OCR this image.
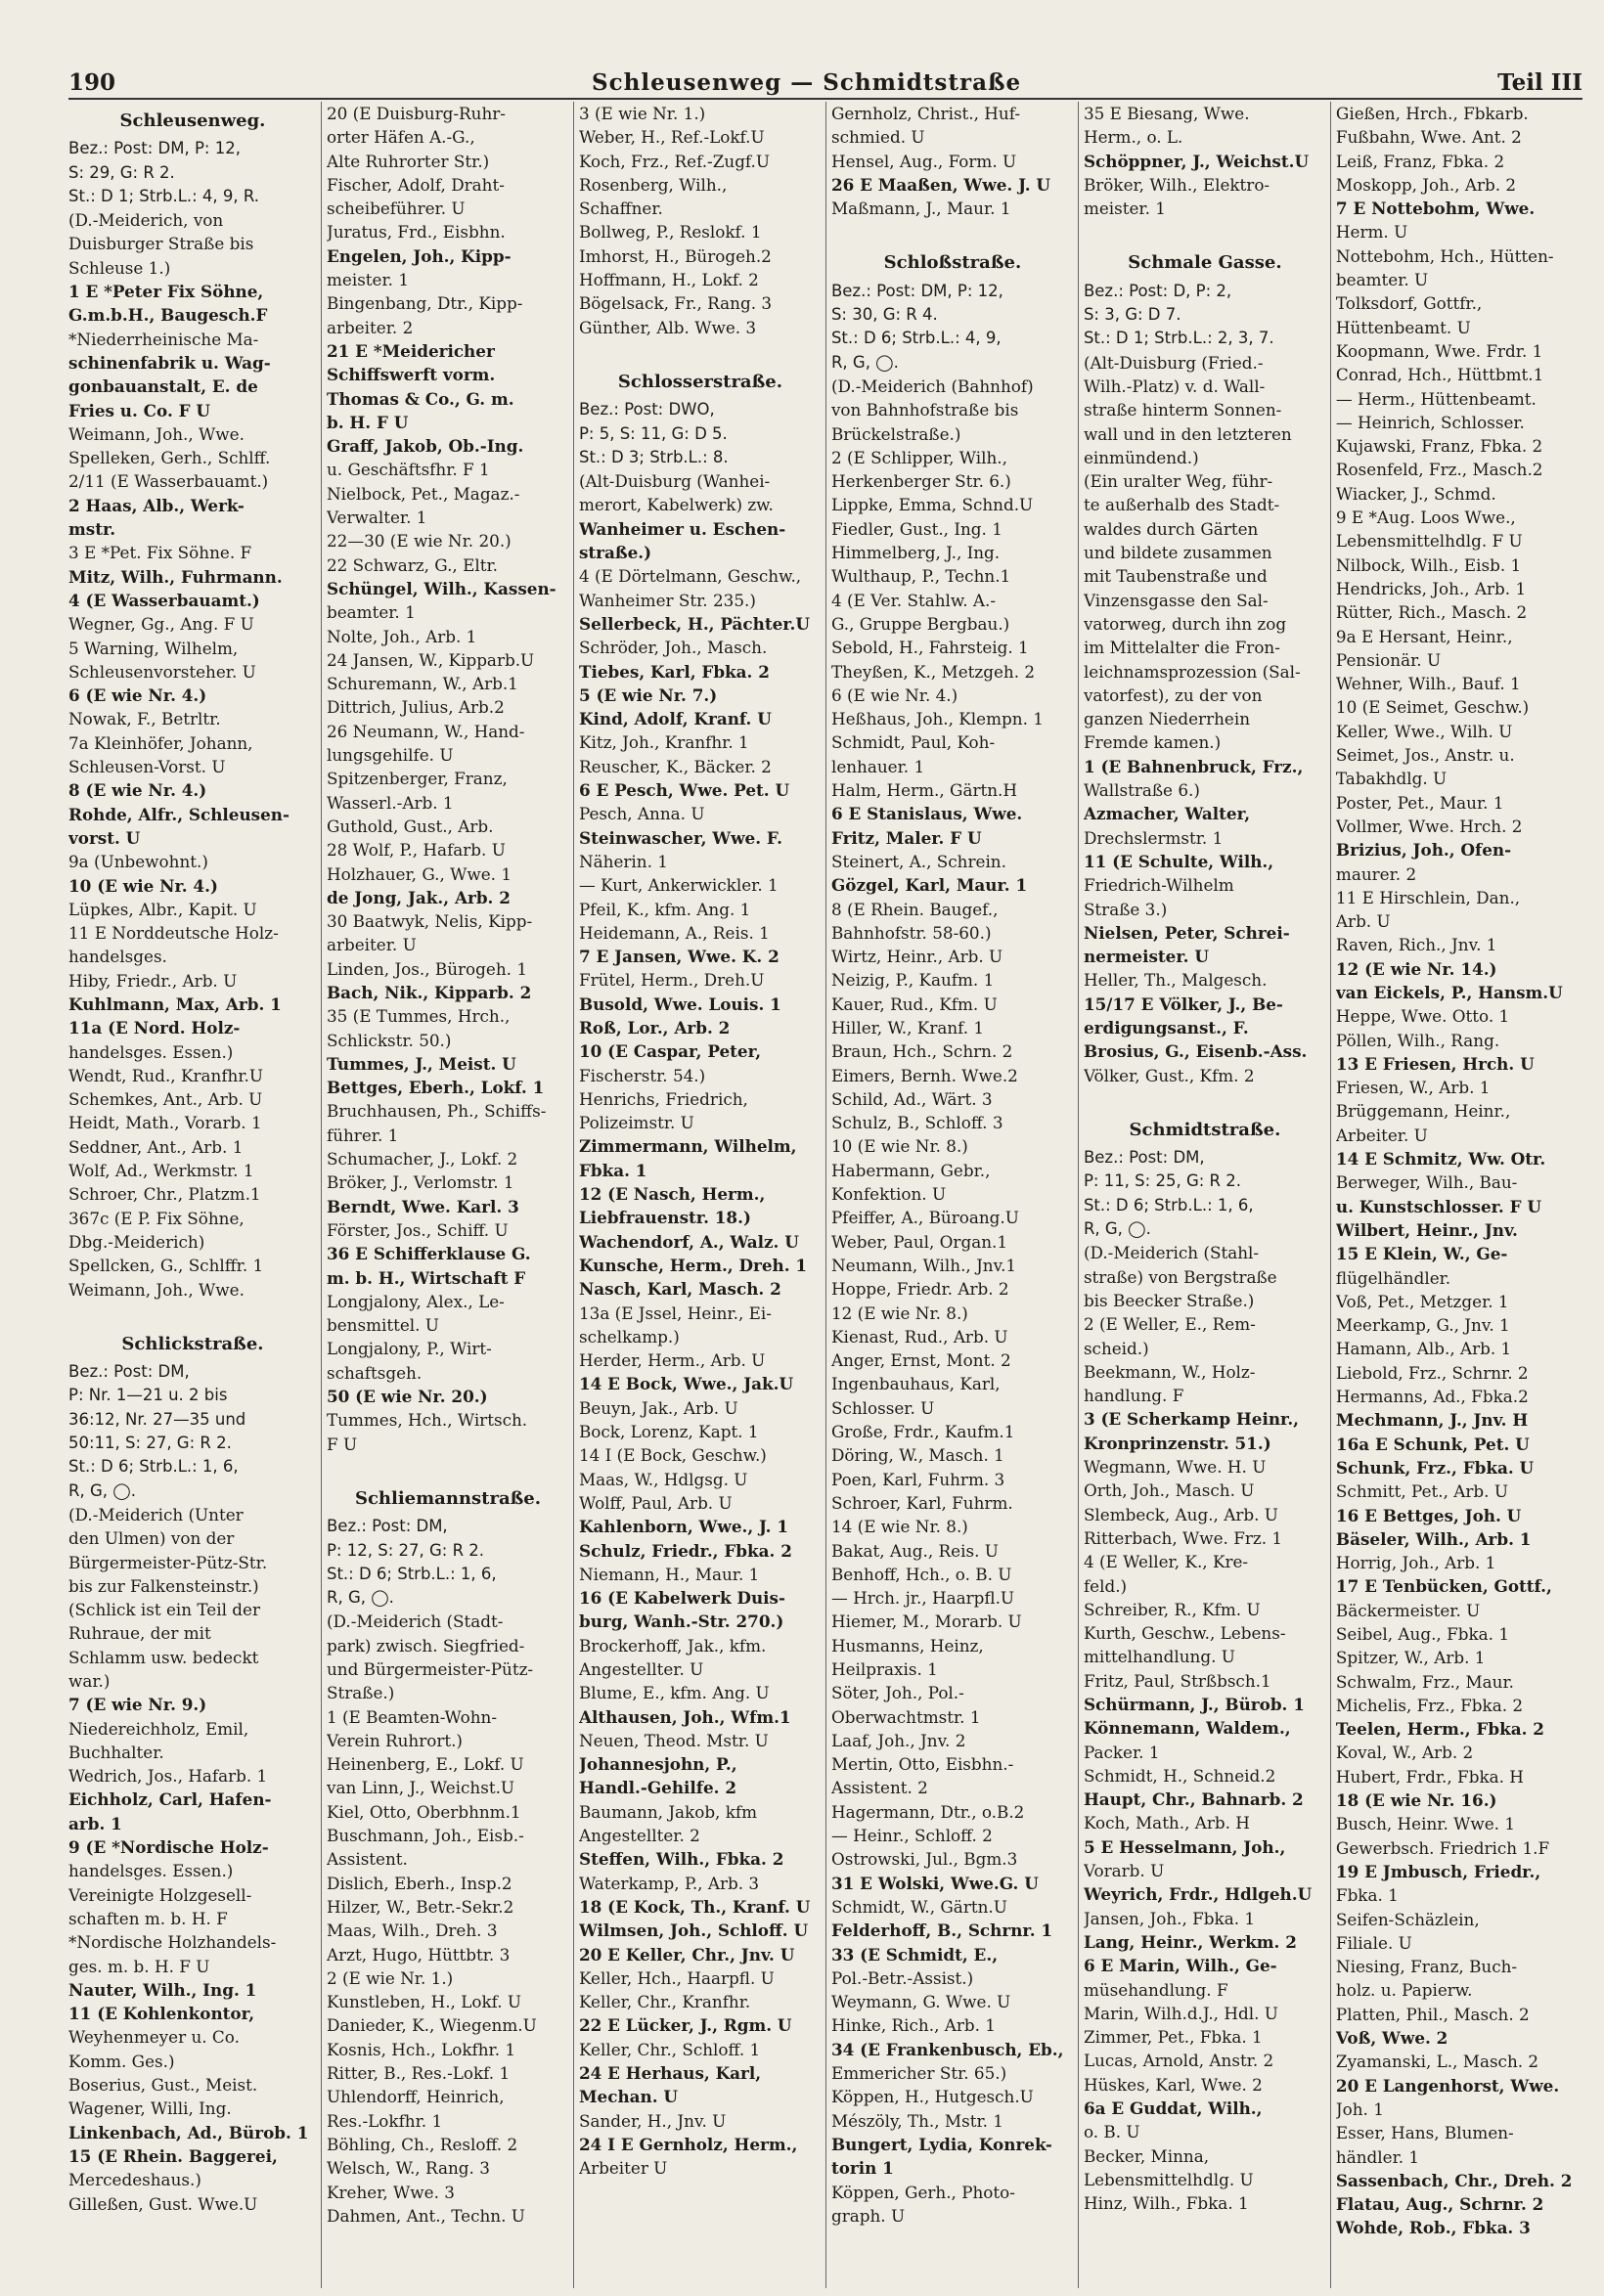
190	Schleusenweg — Schmidtstraße	Teil III
Schleusenweg.
Bez.: Post: DM, P: 12,
S: 29, G: R 2.
St.: D 1; Strb.L.: 4, 9, R.
(D.-Meiderich, von
Duisburger Straße bis
Schleuse 1.)
1 E *Peter Fix Söhne,
G.m.b.H., Baugesch.F
*Niederrheinische Ma-
schinenfabrik u. Wag-
gonbauanstalt, E. de
Fries u. Co. F U
Weimann, Joh., Wwe.
Spelleken, Gerh., Schlff.
2/11 (E Wasserbauamt.)
2 Haas, Alb., Werk-
mstr.
3 E *Pet. Fix Söhne. F
Mitz, Wilh., Fuhrmann.
4 (E Wasserbauamt.)
Wegner, Gg., Ang. F U
5 Warning, Wilhelm,
Schleusenvorsteher. U
6 (E wie Nr. 4.)
Nowak, F., Betrltr.
7a Kleinhöfer, Johann,
Schleusen-Vorst. U
8 (E wie Nr. 4.)
Rohde, Alfr., Schleusen-
vorst. U
9a (Unbewohnt.)
10 (E wie Nr. 4.)
Lüpkes, Albr., Kapit. U
11 E Norddeutsche Holz-
handelsges.
Hiby, Friedr., Arb. U
Kuhlmann, Max, Arb. 1
11a (E Nord. Holz-
handelsges. Essen.)
Wendt, Rud., Kranfhr.U
Schemkes, Ant., Arb. U
Heidt, Math., Vorarb. 1
Seddner, Ant., Arb. 1
Wolf, Ad., Werkmstr. 1
Schroer, Chr., Platzm.1
367c (E P. Fix Söhne,
Dbg.-Meiderich)
Spellcken, G., Schlffr. 1
Weimann, Joh., Wwe.
Schlickstraße.
Bez.: Post: DM,
P: Nr. 1—21 u. 2 bis
36:12, Nr. 27—35 und
50:11, S: 27, G: R 2.
St.: D 6; Strb.L.: 1, 6,
R, G, ◯.
(D.-Meiderich (Unter
den Ulmen) von der
Bürgermeister-Pütz-Str.
bis zur Falkensteinstr.)
(Schlick ist ein Teil der
Ruhraue, der mit
Schlamm usw. bedeckt
war.)
7 (E wie Nr. 9.)
Niedereichholz, Emil,
Buchhalter.
Wedrich, Jos., Hafarb. 1
Eichholz, Carl, Hafen-
arb. 1
9 (E *Nordische Holz-
handelsges. Essen.)
Vereinigte Holzgesell-
schaften m. b. H. F
*Nordische Holzhandels-
ges. m. b. H. F U
Nauter, Wilh., Ing. 1
11 (E Kohlenkontor,
Weyhenmeyer u. Co.
Komm. Ges.)
Boserius, Gust., Meist.
Wagener, Willi, Ing.
Linkenbach, Ad., Bürob. 1
15 (E Rhein. Baggerei,
Mercedeshaus.)
Gilleßen, Gust. Wwe.U
20 (E Duisburg-Ruhr-
orter Häfen A.-G.,
Alte Ruhrorter Str.)
Fischer, Adolf, Draht-
scheibeführer. U
Juratus, Frd., Eisbhn.
Engelen, Joh., Kipp-
meister. 1
Bingenbang, Dtr., Kipp-
arbeiter. 2
21 E *Meidericher
Schiffswerft vorm.
Thomas & Co., G. m.
b. H. F U
Graff, Jakob, Ob.-Ing.
u. Geschäftsfhr. F 1
Nielbock, Pet., Magaz.-
Verwalter. 1
22—30 (E wie Nr. 20.)
22 Schwarz, G., Eltr.
Schüngel, Wilh., Kassen-
beamter. 1
Nolte, Joh., Arb. 1
24 Jansen, W., Kipparb.U
Schuremann, W., Arb.1
Dittrich, Julius, Arb.2
26 Neumann, W., Hand-
lungsgehilfe. U
Spitzenberger, Franz,
Wasserl.-Arb. 1
Guthold, Gust., Arb.
28 Wolf, P., Hafarb. U
Holzhauer, G., Wwe. 1
de Jong, Jak., Arb. 2
30 Baatwyk, Nelis, Kipp-
arbeiter. U
Linden, Jos., Bürogeh. 1
Bach, Nik., Kipparb. 2
35 (E Tummes, Hrch.,
Schlickstr. 50.)
Tummes, J., Meist. U
Bettges, Eberh., Lokf. 1
Bruchhausen, Ph., Schiffs-
führer. 1
Schumacher, J., Lokf. 2
Bröker, J., Verlomstr. 1
Berndt, Wwe. Karl. 3
Förster, Jos., Schiff. U
36 E Schifferklause G.
m. b. H., Wirtschaft F
Longjalony, Alex., Le-
bensmittel. U
Longjalony, P., Wirt-
schaftsgeh.
50 (E wie Nr. 20.)
Tummes, Hch., Wirtsch.
F U
Schliemannstraße.
Bez.: Post: DM,
P: 12, S: 27, G: R 2.
St.: D 6; Strb.L.: 1, 6,
R, G, ◯.
(D.-Meiderich (Stadt-
park) zwisch. Siegfried-
und Bürgermeister-Pütz-
Straße.)
1 (E Beamten-Wohn-
Verein Ruhrort.)
Heinenberg, E., Lokf. U
van Linn, J., Weichst.U
Kiel, Otto, Oberbhnm.1
Buschmann, Joh., Eisb.-
Assistent.
Dislich, Eberh., Insp.2
Hilzer, W., Betr.-Sekr.2
Maas, Wilh., Dreh. 3
Arzt, Hugo, Hüttbtr. 3
2 (E wie Nr. 1.)
Kunstleben, H., Lokf. U
Danieder, K., Wiegenm.U
Kosnis, Hch., Lokfhr. 1
Ritter, B., Res.-Lokf. 1
Uhlendorff, Heinrich,
Res.-Lokfhr. 1
Böhling, Ch., Resloff. 2
Welsch, W., Rang. 3
Kreher, Wwe. 3
Dahmen, Ant., Techn. U
3 (E wie Nr. 1.)
Weber, H., Ref.-Lokf.U
Koch, Frz., Ref.-Zugf.U
Rosenberg, Wilh.,
Schaffner.
Bollweg, P., Reslokf. 1
Imhorst, H., Bürogeh.2
Hoffmann, H., Lokf. 2
Bögelsack, Fr., Rang. 3
Günther, Alb. Wwe. 3
Schlosserstraße.
Bez.: Post: DWO,
P: 5, S: 11, G: D 5.
St.: D 3; Strb.L.: 8.
(Alt-Duisburg (Wanhei-
merort, Kabelwerk) zw.
Wanheimer u. Eschen-
straße.)
4 (E Dörtelmann, Geschw.,
Wanheimer Str. 235.)
Sellerbeck, H., Pächter.U
Schröder, Joh., Masch.
Tiebes, Karl, Fbka. 2
5 (E wie Nr. 7.)
Kind, Adolf, Kranf. U
Kitz, Joh., Kranfhr. 1
Reuscher, K., Bäcker. 2
6 E Pesch, Wwe. Pet. U
Pesch, Anna. U
Steinwascher, Wwe. F.
Näherin. 1
— Kurt, Ankerwickler. 1
Pfeil, K., kfm. Ang. 1
Heidemann, A., Reis. 1
7 E Jansen, Wwe. K. 2
Frütel, Herm., Dreh.U
Busold, Wwe. Louis. 1
Roß, Lor., Arb. 2
10 (E Caspar, Peter,
Fischerstr. 54.)
Henrichs, Friedrich,
Polizeimstr. U
Zimmermann, Wilhelm,
Fbka. 1
12 (E Nasch, Herm.,
Liebfrauenstr. 18.)
Wachendorf, A., Walz. U
Kunsche, Herm., Dreh. 1
Nasch, Karl, Masch. 2
13a (E Jssel, Heinr., Ei-
schelkamp.)
Herder, Herm., Arb. U
14 E Bock, Wwe., Jak.U
Beuyn, Jak., Arb. U
Bock, Lorenz, Kapt. 1
14 I (E Bock, Geschw.)
Maas, W., Hdlgsg. U
Wolff, Paul, Arb. U
Kahlenborn, Wwe., J. 1
Schulz, Friedr., Fbka. 2
Niemann, H., Maur. 1
16 (E Kabelwerk Duis-
burg, Wanh.-Str. 270.)
Brockerhoff, Jak., kfm.
Angestellter. U
Blume, E., kfm. Ang. U
Althausen, Joh., Wfm.1
Neuen, Theod. Mstr. U
Johannesjohn, P.,
Handl.-Gehilfe. 2
Baumann, Jakob, kfm
Angestellter. 2
Steffen, Wilh., Fbka. 2
Waterkamp, P., Arb. 3
18 (E Kock, Th., Kranf. U
Wilmsen, Joh., Schloff. U
20 E Keller, Chr., Jnv. U
Keller, Hch., Haarpfl. U
Keller, Chr., Kranfhr.
22 E Lücker, J., Rgm. U
Keller, Chr., Schloff. 1
24 E Herhaus, Karl,
Mechan. U
Sander, H., Jnv. U
24 I E Gernholz, Herm.,
Arbeiter U
Gernholz, Christ., Huf-
schmied. U
Hensel, Aug., Form. U
26 E Maaßen, Wwe. J. U
Maßmann, J., Maur. 1
Schloßstraße.
Bez.: Post: DM, P: 12,
S: 30, G: R 4.
St.: D 6; Strb.L.: 4, 9,
R, G, ◯.
(D.-Meiderich (Bahnhof)
von Bahnhofstraße bis
Brückelstraße.)
2 (E Schlipper, Wilh.,
Herkenberger Str. 6.)
Lippke, Emma, Schnd.U
Fiedler, Gust., Ing. 1
Himmelberg, J., Ing.
Wulthaup, P., Techn.1
4 (E Ver. Stahlw. A.-
G., Gruppe Bergbau.)
Sebold, H., Fahrsteig. 1
Theyßen, K., Metzgeh. 2
6 (E wie Nr. 4.)
Heßhaus, Joh., Klempn. 1
Schmidt, Paul, Koh-
lenhauer. 1
Halm, Herm., Gärtn.H
6 E Stanislaus, Wwe.
Fritz, Maler. F U
Steinert, A., Schrein.
Gözgel, Karl, Maur. 1
8 (E Rhein. Baugef.,
Bahnhofstr. 58-60.)
Wirtz, Heinr., Arb. U
Neizig, P., Kaufm. 1
Kauer, Rud., Kfm. U
Hiller, W., Kranf. 1
Braun, Hch., Schrn. 2
Eimers, Bernh. Wwe.2
Schild, Ad., Wärt. 3
Schulz, B., Schloff. 3
10 (E wie Nr. 8.)
Habermann, Gebr.,
Konfektion. U
Pfeiffer, A., Büroang.U
Weber, Paul, Organ.1
Neumann, Wilh., Jnv.1
Hoppe, Friedr. Arb. 2
12 (E wie Nr. 8.)
Kienast, Rud., Arb. U
Anger, Ernst, Mont. 2
Ingenbauhaus, Karl,
Schlosser. U
Große, Frdr., Kaufm.1
Döring, W., Masch. 1
Poen, Karl, Fuhrm. 3
Schroer, Karl, Fuhrm.
14 (E wie Nr. 8.)
Bakat, Aug., Reis. U
Benhoff, Hch., o. B. U
— Hrch. jr., Haarpfl.U
Hiemer, M., Morarb. U
Husmanns, Heinz,
Heilpraxis. 1
Söter, Joh., Pol.-
Oberwachtmstr. 1
Laaf, Joh., Jnv. 2
Mertin, Otto, Eisbhn.-
Assistent. 2
Hagermann, Dtr., o.B.2
— Heinr., Schloff. 2
Ostrowski, Jul., Bgm.3
31 E Wolski, Wwe.G. U
Schmidt, W., Gärtn.U
Felderhoff, B., Schrnr. 1
33 (E Schmidt, E.,
Pol.-Betr.-Assist.)
Weymann, G. Wwe. U
Hinke, Rich., Arb. 1
34 (E Frankenbusch, Eb.,
Emmericher Str. 65.)
Köppen, H., Hutgesch.U
Mészöly, Th., Mstr. 1
Bungert, Lydia, Konrek-
torin 1
Köppen, Gerh., Photo-
graph. U
35 E Biesang, Wwe.
Herm., o. L.
Schöppner, J., Weichst.U
Bröker, Wilh., Elektro-
meister. 1
Schmale Gasse.
Bez.: Post: D, P: 2,
S: 3, G: D 7.
St.: D 1; Strb.L.: 2, 3, 7.
(Alt-Duisburg (Fried.-
Wilh.-Platz) v. d. Wall-
straße hinterm Sonnen-
wall und in den letzteren
einmündend.)
(Ein uralter Weg, führ-
te außerhalb des Stadt-
waldes durch Gärten
und bildete zusammen
mit Taubenstraße und
Vinzensgasse den Sal-
vatorweg, durch ihn zog
im Mittelalter die Fron-
leichnamsprozession (Sal-
vatorfest), zu der von
ganzen Niederrhein
Fremde kamen.)
1 (E Bahnenbruck, Frz.,
Wallstraße 6.)
Azmacher, Walter,
Drechslermstr. 1
11 (E Schulte, Wilh.,
Friedrich-Wilhelm
Straße 3.)
Nielsen, Peter, Schrei-
nermeister. U
Heller, Th., Malgesch.
15/17 E Völker, J., Be-
erdigungsanst., F.
Brosius, G., Eisenb.-Ass.
Völker, Gust., Kfm. 2
Schmidtstraße.
Bez.: Post: DM,
P: 11, S: 25, G: R 2.
St.: D 6; Strb.L.: 1, 6,
R, G, ◯.
(D.-Meiderich (Stahl-
straße) von Bergstraße
bis Beecker Straße.)
2 (E Weller, E., Rem-
scheid.)
Beekmann, W., Holz-
handlung. F
3 (E Scherkamp Heinr.,
Kronprinzenstr. 51.)
Wegmann, Wwe. H. U
Orth, Joh., Masch. U
Slembeck, Aug., Arb. U
Ritterbach, Wwe. Frz. 1
4 (E Weller, K., Kre-
feld.)
Schreiber, R., Kfm. U
Kurth, Geschw., Lebens-
mittelhandlung. U
Fritz, Paul, Strßbsch.1
Schürmann, J., Bürob. 1
Könnemann, Waldem.,
Packer. 1
Schmidt, H., Schneid.2
Haupt, Chr., Bahnarb. 2
Koch, Math., Arb. H
5 E Hesselmann, Joh.,
Vorarb. U
Weyrich, Frdr., Hdlgeh.U
Jansen, Joh., Fbka. 1
Lang, Heinr., Werkm. 2
6 E Marin, Wilh., Ge-
müsehandlung. F
Marin, Wilh.d.J., Hdl. U
Zimmer, Pet., Fbka. 1
Lucas, Arnold, Anstr. 2
Hüskes, Karl, Wwe. 2
6a E Guddat, Wilh.,
o. B. U
Becker, Minna,
Lebensmittelhdlg. U
Hinz, Wilh., Fbka. 1
Gießen, Hrch., Fbkarb.
Fußbahn, Wwe. Ant. 2
Leiß, Franz, Fbka. 2
Moskopp, Joh., Arb. 2
7 E Nottebohm, Wwe.
Herm. U
Nottebohm, Hch., Hütten-
beamter. U
Tolksdorf, Gottfr.,
Hüttenbeamt. U
Koopmann, Wwe. Frdr. 1
Conrad, Hch., Hüttbmt.1
— Herm., Hüttenbeamt.
— Heinrich, Schlosser.
Kujawski, Franz, Fbka. 2
Rosenfeld, Frz., Masch.2
Wiacker, J., Schmd.
9 E *Aug. Loos Wwe.,
Lebensmittelhdlg. F U
Nilbock, Wilh., Eisb. 1
Hendricks, Joh., Arb. 1
Rütter, Rich., Masch. 2
9a E Hersant, Heinr.,
Pensionär. U
Wehner, Wilh., Bauf. 1
10 (E Seimet, Geschw.)
Keller, Wwe., Wilh. U
Seimet, Jos., Anstr. u.
Tabakhdlg. U
Poster, Pet., Maur. 1
Vollmer, Wwe. Hrch. 2
Brizius, Joh., Ofen-
maurer. 2
11 E Hirschlein, Dan.,
Arb. U
Raven, Rich., Jnv. 1
12 (E wie Nr. 14.)
van Eickels, P., Hansm.U
Heppe, Wwe. Otto. 1
Pöllen, Wilh., Rang.
13 E Friesen, Hrch. U
Friesen, W., Arb. 1
Brüggemann, Heinr.,
Arbeiter. U
14 E Schmitz, Ww. Otr.
Berweger, Wilh., Bau-
u. Kunstschlosser. F U
Wilbert, Heinr., Jnv.
15 E Klein, W., Ge-
flügelhändler.
Voß, Pet., Metzger. 1
Meerkamp, G., Jnv. 1
Hamann, Alb., Arb. 1
Liebold, Frz., Schrnr. 2
Hermanns, Ad., Fbka.2
Mechmann, J., Jnv. H
16a E Schunk, Pet. U
Schunk, Frz., Fbka. U
Schmitt, Pet., Arb. U
16 E Bettges, Joh. U
Bäseler, Wilh., Arb. 1
Horrig, Joh., Arb. 1
17 E Tenbücken, Gottf.,
Bäckermeister. U
Seibel, Aug., Fbka. 1
Spitzer, W., Arb. 1
Schwalm, Frz., Maur.
Michelis, Frz., Fbka. 2
Teelen, Herm., Fbka. 2
Koval, W., Arb. 2
Hubert, Frdr., Fbka. H
18 (E wie Nr. 16.)
Busch, Heinr. Wwe. 1
Gewerbsch. Friedrich 1.F
19 E Jmbusch, Friedr.,
Fbka. 1
Seifen-Schäzlein,
Filiale. U
Niesing, Franz, Buch-
holz. u. Papierw.
Platten, Phil., Masch. 2
Voß, Wwe. 2
Zyamanski, L., Masch. 2
20 E Langenhorst, Wwe.
Joh. 1
Esser, Hans, Blumen-
händler. 1
Sassenbach, Chr., Dreh. 2
Flatau, Aug., Schrnr. 2
Wohde, Rob., Fbka. 3
